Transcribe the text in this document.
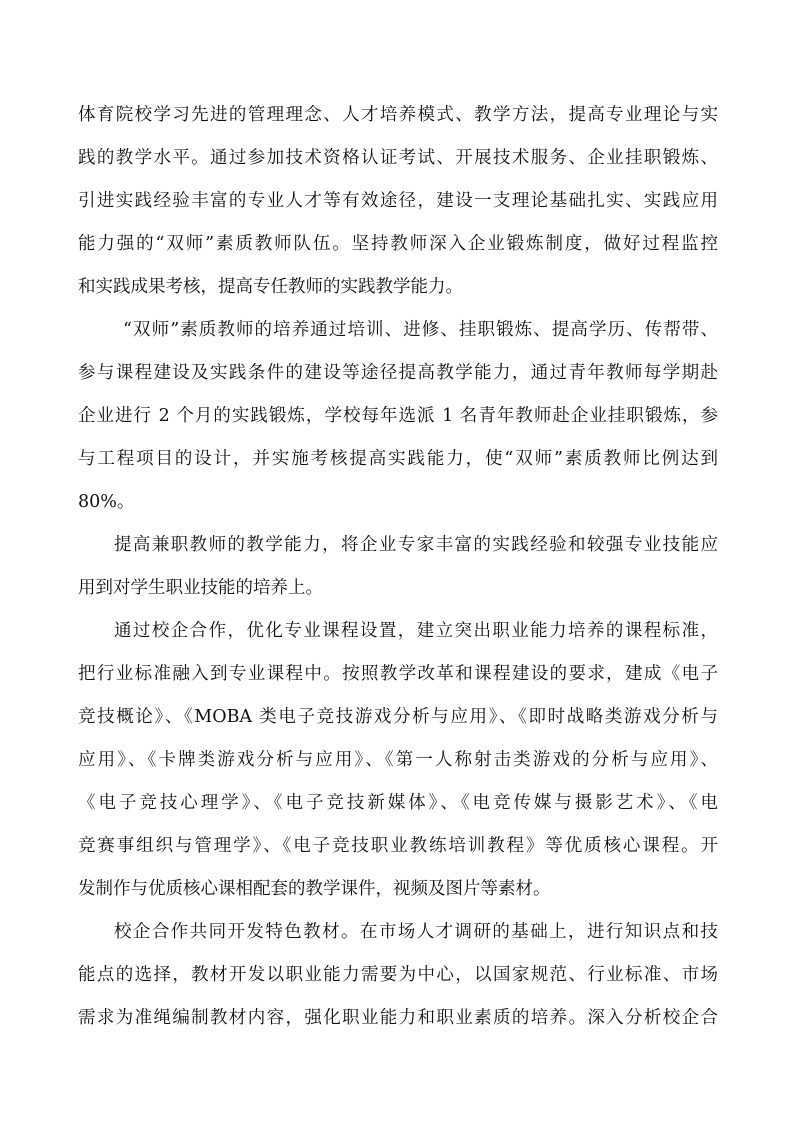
体育院校学习先进的管理理念、人才培养模式、教学方法，提高专业理论与实
践的教学水平。通过参加技术资格认证考试、开展技术服务、企业挂职锻炼、
引进实践经验丰富的专业人才等有效途径，建设一支理论基础扎实、实践应用
能力强的“双师”素质教师队伍。坚持教师深入企业锻炼制度，做好过程监控
和实践成果考核，提高专任教师的实践教学能力。
“双师”素质教师的培养通过培训、进修、挂职锻炼、提高学历、传帮带、
参与课程建设及实践条件的建设等途径提高教学能力，通过青年教师每学期赴
企业进行 2 个月的实践锻炼，学校每年选派 1 名青年教师赴企业挂职锻炼，参
与工程项目的设计，并实施考核提高实践能力，使“双师”素质教师比例达到
80%。
提高兼职教师的教学能力，将企业专家丰富的实践经验和较强专业技能应
用到对学生职业技能的培养上。
通过校企合作，优化专业课程设置，建立突出职业能力培养的课程标准，
把行业标准融入到专业课程中。按照教学改革和课程建设的要求，建成《电子
竞技概论》、《MOBA 类电子竞技游戏分析与应用》、《即时战略类游戏分析与
应用》、《卡牌类游戏分析与应用》、《第一人称射击类游戏的分析与应用》、
《电子竞技心理学》、《电子竞技新媒体》、《电竞传媒与摄影艺术》、《电
竞赛事组织与管理学》、《电子竞技职业教练培训教程》等优质核心课程。开
发制作与优质核心课相配套的教学课件，视频及图片等素材。
校企合作共同开发特色教材。在市场人才调研的基础上，进行知识点和技
能点的选择，教材开发以职业能力需要为中心，以国家规范、行业标准、市场
需求为准绳编制教材内容，强化职业能力和职业素质的培养。深入分析校企合
